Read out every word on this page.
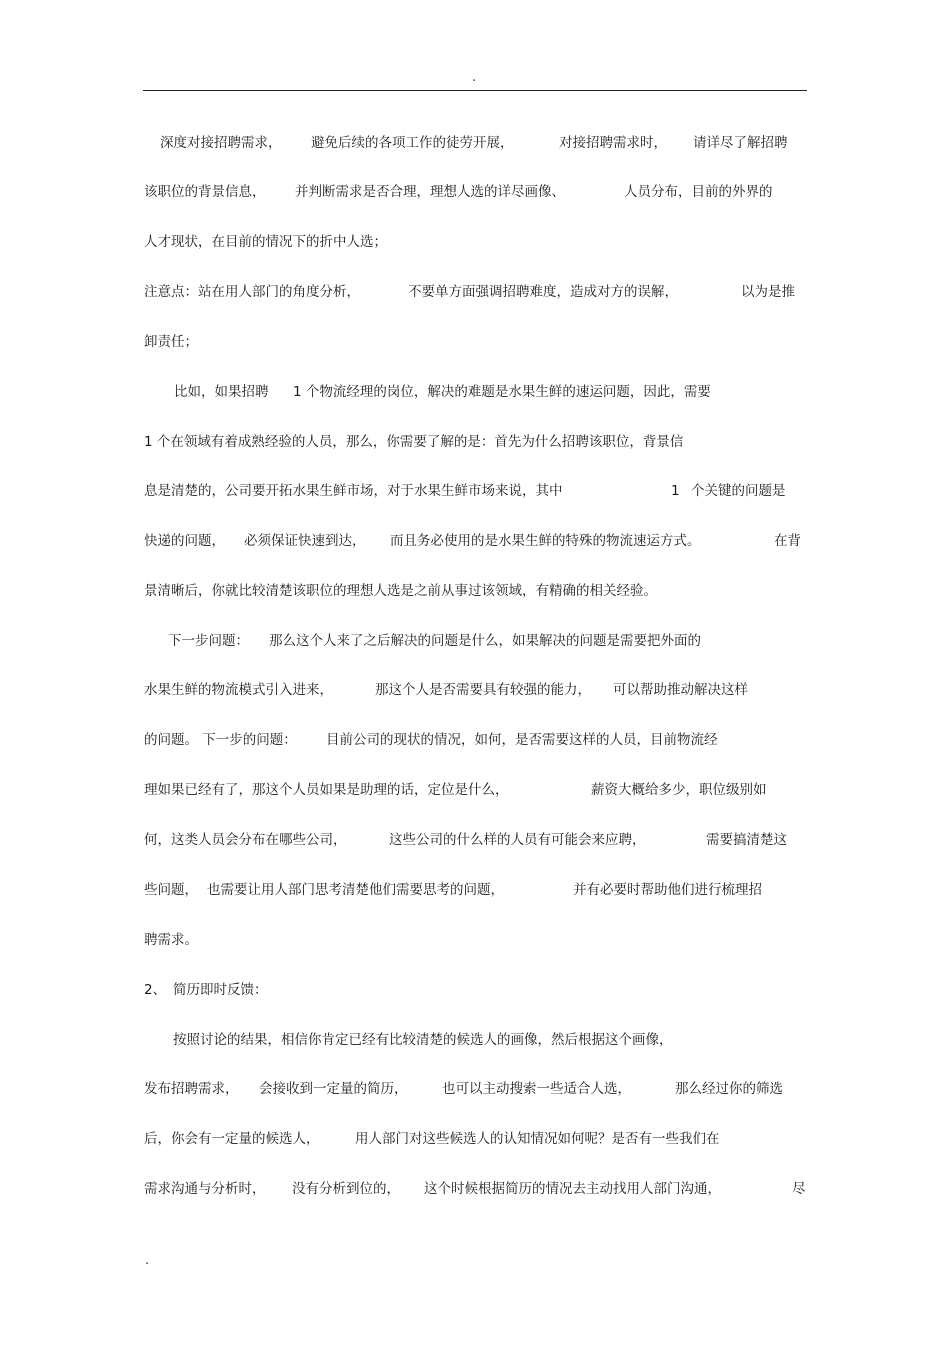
.
深度对接招聘需求， 避免后续的各项工作的徒劳开展，	对接招聘需求时， 请详尽了解招聘
该职位的背景信息， 并判断需求是否合理，理想人选的详尽画像、	人员分布，目前的外界的
人才现状，在目前的情况下的折中人选；
注意点：站在用人部门的角度分析，	不要单方面强调招聘难度，造成对方的误解，	以为是推
卸责任；
比如，如果招聘 1 个物流经理的岗位，解决的难题是水果生鲜的速运问题，因此，需要
1 个在领域有着成熟经验的人员，那么，你需要了解的是：首先为什么招聘该职位，背景信
息是清楚的，公司要开拓水果生鲜市场，对于水果生鲜市场来说，其中	1 个关键的问题是
快递的问题， 必须保证快速到达， 而且务必使用的是水果生鲜的特殊的物流速运方式。	在背
景清晰后，你就比较清楚该职位的理想人选是之前从事过该领域，有精确的相关经验。
下一步问题： 那么这个人来了之后解决的问题是什么，如果解决的问题是需要把外面的
水果生鲜的物流模式引入进来，	那这个人是否需要具有较强的能力， 可以帮助推动解决这样
的问题。 下一步的问题： 目前公司的现状的情况，如何，是否需要这样的人员，目前物流经
理如果已经有了，那这个人员如果是助理的话，定位是什么，	薪资大概给多少，职位级别如
何，这类人员会分布在哪些公司，	这些公司的什么样的人员有可能会来应聘，	需要搞清楚这
些问题， 也需要让用人部门思考清楚他们需要思考的问题，	并有必要时帮助他们进行梳理招
聘需求。
2、 简历即时反馈：
按照讨论的结果，相信你肯定已经有比较清楚的候选人的画像，然后根据这个画像，
发布招聘需求， 会接收到一定量的简历，	也可以主动搜索一些适合人选，	那么经过你的筛选
后，你会有一定量的候选人，	用人部门对这些候选人的认知情况如何呢？是否有一些我们在
需求沟通与分析时， 没有分析到位的， 这个时候根据简历的情况去主动找用人部门沟通，	尽
.
